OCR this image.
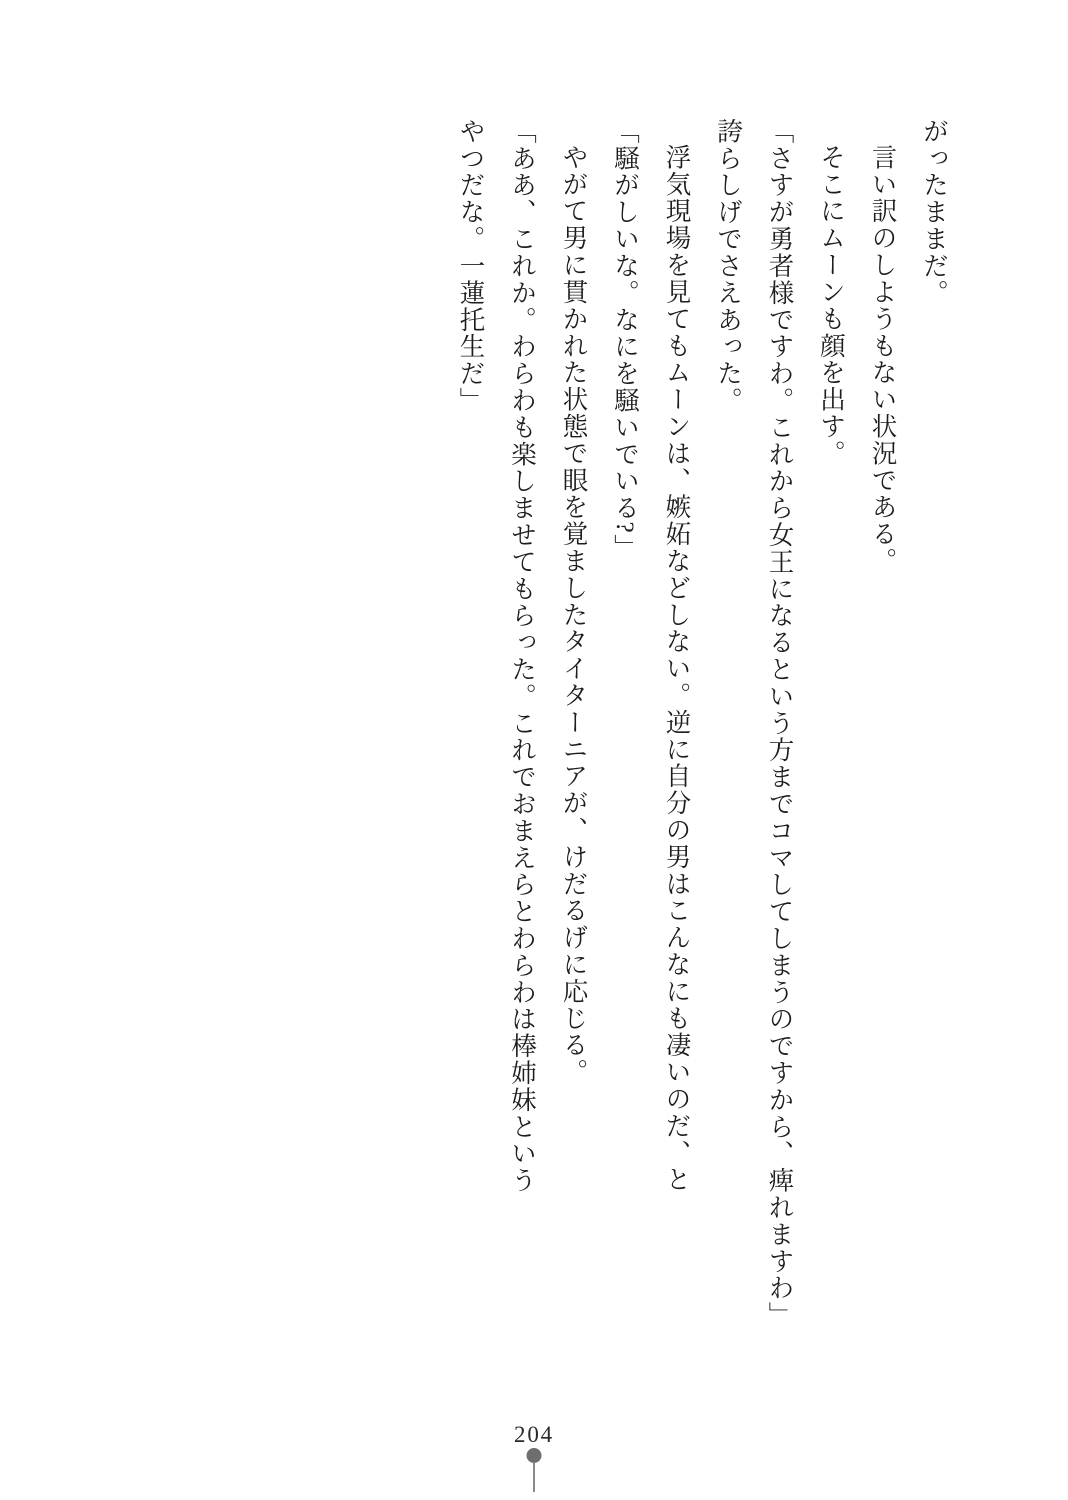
がったままだ。

言い訳のしようもない状況である。

そこにムーンも顔を出す。

「さすが勇者様ですわ。これから女王になるという方までコマしてしまうのですから、痺れますわ」

誇らしげでさえあった。

浮気現場を見てもムーンは、嫉妬などしない。逆に自分の男はこんなにも凄いのだ、と

「騒がしいな。なにを騒いでいる?」

やがて男に貫かれた状態で眼を覚ましたタイターニアが、けだるげに応じる。

「ああ、これか。わらわも楽しませてもらった。これでおまえらとわらわは棒姉妹という

やつだな。一蓮托生だ」

204
